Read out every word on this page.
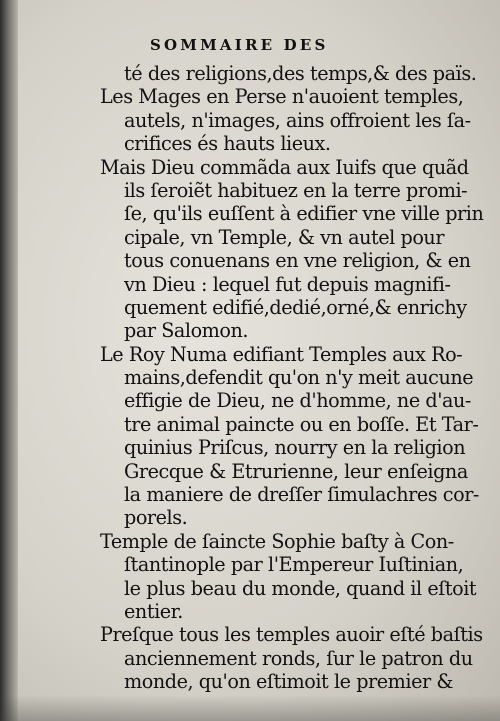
SOMMAIRE DES
té des religions,des temps,& des païs.
Les Mages en Perse n'auoient temples,
autels, n'images, ains offroient les ſa-
crifices és hauts lieux.
Mais Dieu commãda aux Iuifs que quãd
ils ſeroiẽt habituez en la terre promi-
ſe, qu'ils euſſent à edifier vne ville prin
cipale, vn Temple, & vn autel pour
tous conuenans en vne religion, & en
vn Dieu : lequel fut depuis magnifi-
quement edifié,dedié,orné,& enrichy
par Salomon.
Le Roy Numa edifiant Temples aux Ro-
mains,defendit qu'on n'y meit aucune
effigie de Dieu, ne d'homme, ne d'au-
tre animal paincte ou en boſſe. Et Tar-
quinius Priſcus, nourry en la religion
Grecque & Etrurienne, leur enſeigna
la maniere de dreſſer ſimulachres cor-
porels.
Temple de ſaincte Sophie baſty à Con-
ſtantinople par l'Empereur Iuſtinian,
le plus beau du monde, quand il eſtoit
entier.
Preſque tous les temples auoir eſté baſtis
anciennement ronds, ſur le patron du
monde, qu'on eſtimoit le premier &
